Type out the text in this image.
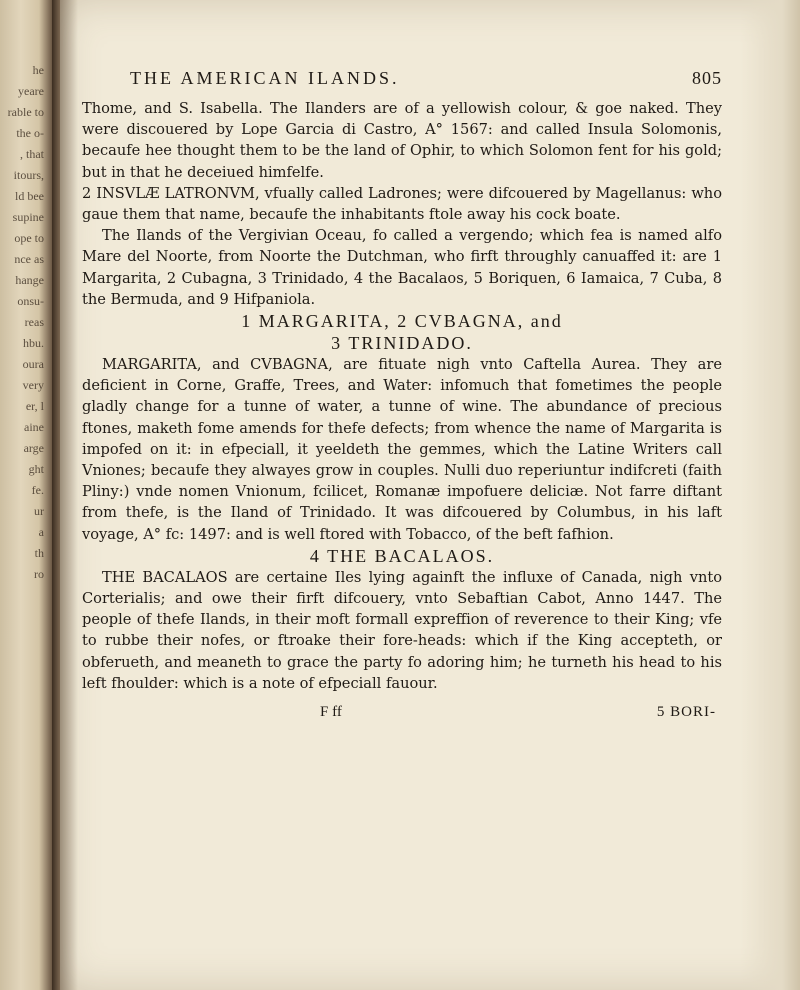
he yeare
rable to
the o-
, that
itours,
ld bee
supine
ope to
nce as
hange
onsu-
reas
hbu.
oura
very
er, l
aine
arge
ght
fe.
ur
a
th
ro
THE AMERICAN ILANDS.	805

Thome, and S. Isabella. The Ilanders are of a yellowish colour, & goe naked. They were discouered by Lope Garcia di Castro, A° 1567: and called Insula Solomonis, becaufe hee thought them to be the land of Ophir, to which Solomon fent for his gold; but in that he deceiued himfelfe.

2 INSVLÆ LATRONVM, vfually called Ladrones; were difcouered by Magellanus: who gaue them that name, becaufe the inhabitants ftole away his cock boate.

The Ilands of the Vergivian Oceau, fo called a vergendo; which fea is named alfo Mare del Noorte, from Noorte the Dutchman, who firft throughly canuaffed it: are 1 Margarita, 2 Cubagna, 3 Trinidado, 4 the Bacalaos, 5 Boriquen, 6 Iamaica, 7 Cuba, 8 the Bermuda, and 9 Hifpaniola.

1 MARGARITA, 2 CVBAGNA, and

3 TRINIDADO.

MARGARITA, and CVBAGNA, are fituate nigh vnto Caftella Aurea. They are deficient in Corne, Graffe, Trees, and Water: infomuch that fometimes the people gladly change for a tunne of water, a tunne of wine. The abundance of precious ftones, maketh fome amends for thefe defects; from whence the name of Margarita is impofed on it: in efpeciall, it yeeldeth the gemmes, which the Latine Writers call Vniones; becaufe they alwayes grow in couples. Nulli duo reperiuntur indifcreti (faith Pliny:) vnde nomen Vnionum, fcilicet, Romanæ impofuere deliciæ. Not farre diftant from thefe, is the Iland of Trinidado. It was difcouered by Columbus, in his laft voyage, A° fc: 1497: and is well ftored with Tobacco, of the beft fafhion.

4 THE BACALAOS.

THE BACALAOS are certaine Iles lying againft the influxe of Canada, nigh vnto Corterialis; and owe their firft difcouery, vnto Sebaftian Cabot, Anno 1447. The people of thefe Ilands, in their moft formall expreffion of reverence to their King; vfe to rubbe their nofes, or ftroake their fore-heads: which if the King accepteth, or obferueth, and meaneth to grace the party fo adoring him; he turneth his head to his left fhoulder: which is a note of efpeciall fauour.

F ff	5 BORI-
